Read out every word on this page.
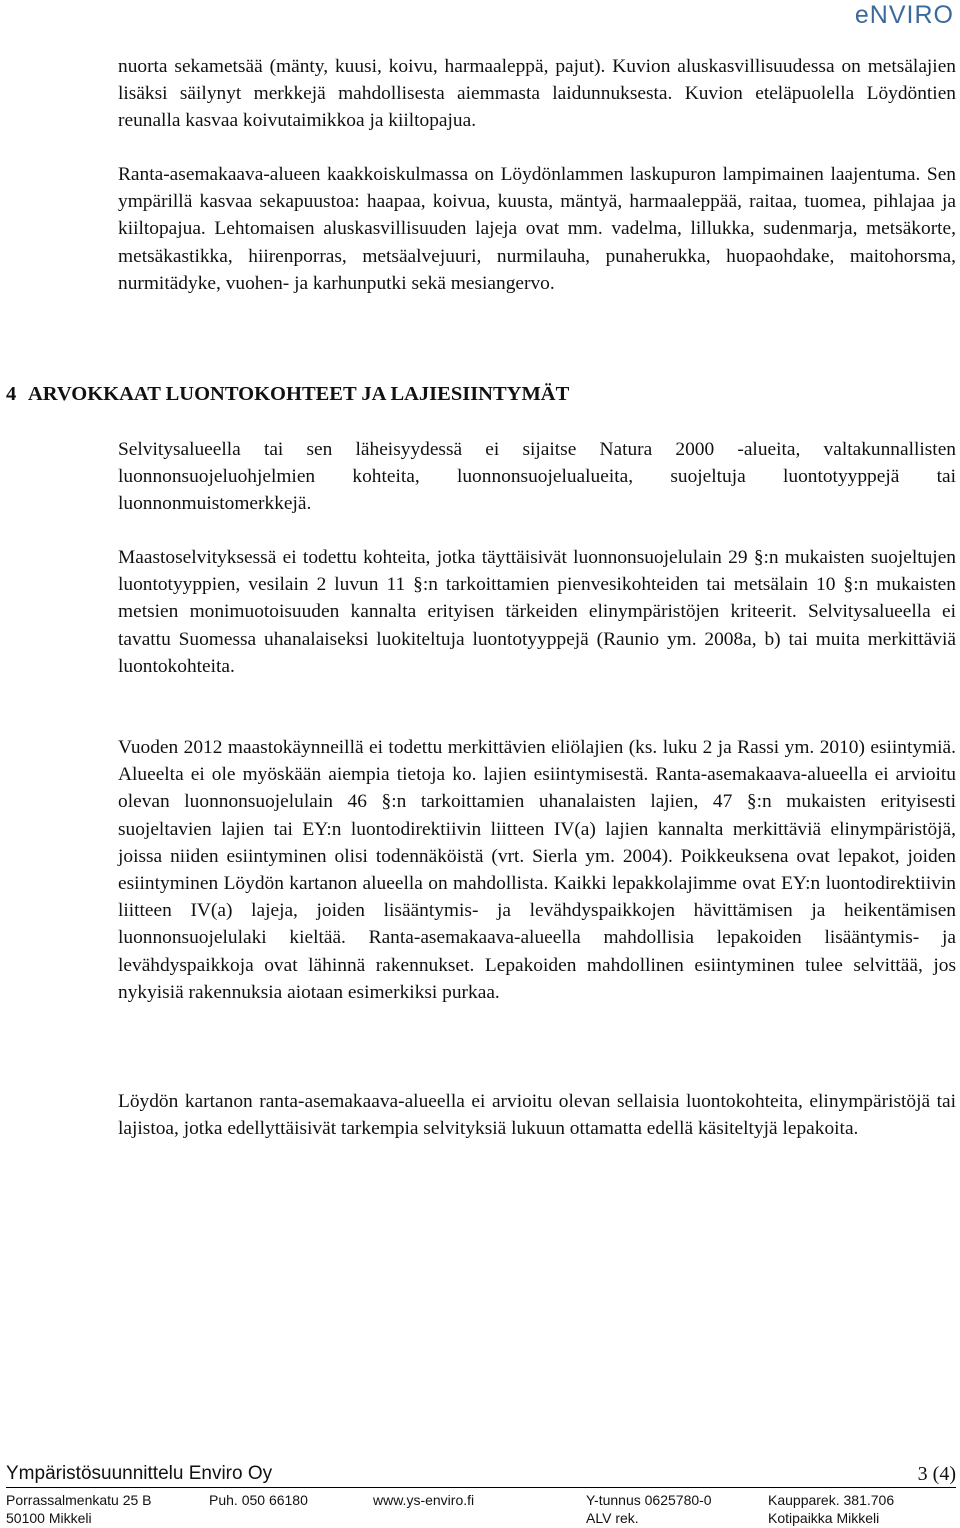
eNVIRO

nuorta sekametsää (mänty, kuusi, koivu, harmaaleppä, pajut). Kuvion aluskasvillisuudessa on metsälajien lisäksi säilynyt merkkejä mahdollisesta aiemmasta laidunnuksesta. Kuvion eteläpuolella Löydöntien reunalla kasvaa koivutaimikkoa ja kiiltopajua.

Ranta-asemakaava-alueen kaakkoiskulmassa on Löydönlammen laskupuron lampimainen laajentuma. Sen ympärillä kasvaa sekapuustoa: haapaa, koivua, kuusta, mäntyä, harmaaleppää, raitaa, tuomea, pihlajaa ja kiiltopajua. Lehtomaisen aluskasvillisuuden lajeja ovat mm. vadelma, lillukka, sudenmarja, metsäkorte, metsäkastikka, hiirenporras, metsäalvejuuri, nurmilauha, punaherukka, huopaohdake, maitohorsma, nurmitädyke, vuohen- ja karhunputki sekä mesiangervo.

4 ARVOKKAAT LUONTOKOHTEET JA LAJIESIINTYMÄT

Selvitysalueella tai sen läheisyydessä ei sijaitse Natura 2000 -alueita, valtakunnallisten luonnonsuojeluohjelmien kohteita, luonnonsuojelualueita, suojeltuja luontotyyppejä tai luonnonmuistomerkkejä.

Maastoselvityksessä ei todettu kohteita, jotka täyttäisivät luonnonsuojelulain 29 §:n mukaisten suojeltujen luontotyyppien, vesilain 2 luvun 11 §:n tarkoittamien pienvesikohteiden tai metsälain 10 §:n mukaisten metsien monimuotoisuuden kannalta erityisen tärkeiden elinympäristöjen kriteerit. Selvitysalueella ei tavattu Suomessa uhanalaiseksi luokiteltuja luontotyyppejä (Raunio ym. 2008a, b) tai muita merkittäviä luontokohteita.

Vuoden 2012 maastokäynneillä ei todettu merkittävien eliölajien (ks. luku 2 ja Rassi ym. 2010) esiintymiä. Alueelta ei ole myöskään aiempia tietoja ko. lajien esiintymisestä. Ranta-asemakaava-alueella ei arvioitu olevan luonnonsuojelulain 46 §:n tarkoittamien uhanalaisten lajien, 47 §:n mukaisten erityisesti suojeltavien lajien tai EY:n luontodirektiivin liitteen IV(a) lajien kannalta merkittäviä elinympäristöjä, joissa niiden esiintyminen olisi todennäköistä (vrt. Sierla ym. 2004). Poikkeuksena ovat lepakot, joiden esiintyminen Löydön kartanon alueella on mahdollista. Kaikki lepakkolajimme ovat EY:n luontodirektiivin liitteen IV(a) lajeja, joiden lisääntymis- ja levähdyspaikkojen hävittämisen ja heikentämisen luonnonsuojelulaki kieltää. Ranta-asemakaava-alueella mahdollisia lepakoiden lisääntymis- ja levähdyspaikkoja ovat lähinnä rakennukset. Lepakoiden mahdollinen esiintyminen tulee selvittää, jos nykyisiä rakennuksia aiotaan esimerkiksi purkaa.

Löydön kartanon ranta-asemakaava-alueella ei arvioitu olevan sellaisia luontokohteita, elinympäristöjä tai lajistoa, jotka edellyttäisivät tarkempia selvityksiä lukuun ottamatta edellä käsiteltyjä lepakoita.

Ympäristösuunnittelu Enviro Oy	3 (4)
Porrassalmenkatu 25 B	Puh. 050 66180	www.ys-enviro.fi	Y-tunnus 0625780-0	Kaupparek. 381.706
50100 Mikkeli	ALV rek.	Kotipaikka Mikkeli
